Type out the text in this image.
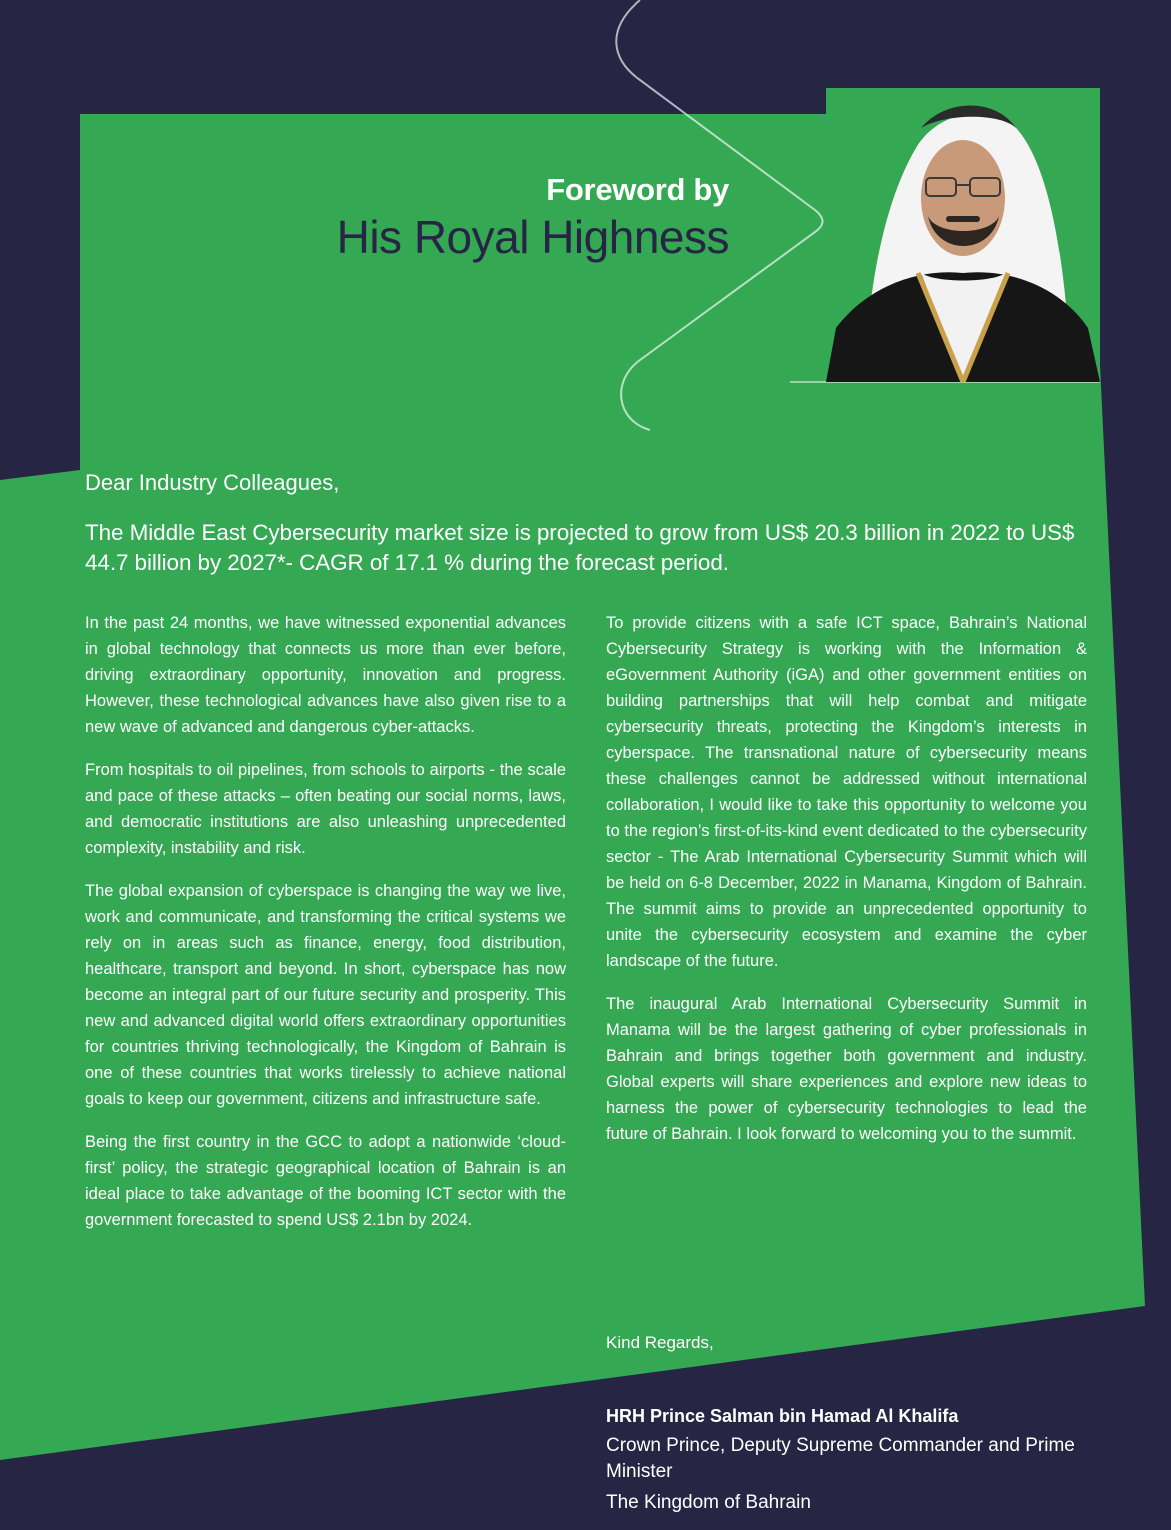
Foreword by
His Royal Highness
Dear Industry Colleagues,
The Middle East Cybersecurity market size is projected to grow from US$ 20.3 billion in 2022 to US$ 44.7 billion by 2027*- CAGR of 17.1 % during the forecast period.

In the past 24 months, we have witnessed exponential advances in global technology that connects us more than ever before, driving extraordinary opportunity, innovation and progress. However, these technological advances have also given rise to a new wave of advanced and dangerous cyber-attacks.

From hospitals to oil pipelines, from schools to airports - the scale and pace of these attacks – often beating our social norms, laws, and democratic institutions are also unleashing unprecedented complexity, instability and risk.

The global expansion of cyberspace is changing the way we live, work and communicate, and transforming the critical systems we rely on in areas such as finance, energy, food distribution, healthcare, transport and beyond. In short, cyberspace has now become an integral part of our future security and prosperity. This new and advanced digital world offers extraordinary opportunities for countries thriving technologically, the Kingdom of Bahrain is one of these countries that works tirelessly to achieve national goals to keep our government, citizens and infrastructure safe.

Being the first country in the GCC to adopt a nationwide ‘cloud-first’ policy, the strategic geographical location of Bahrain is an ideal place to take advantage of the booming ICT sector with the government forecasted to spend US$ 2.1bn by 2024.

To provide citizens with a safe ICT space, Bahrain’s National Cybersecurity Strategy is working with the Information & eGovernment Authority (iGA) and other government entities on building partnerships that will help combat and mitigate cybersecurity threats, protecting the Kingdom’s interests in cyberspace. The transnational nature of cybersecurity means these challenges cannot be addressed without international collaboration, I would like to take this opportunity to welcome you to the region’s first-of-its-kind event dedicated to the cybersecurity sector - The Arab International Cybersecurity Summit which will be held on 6-8 December, 2022 in Manama, Kingdom of Bahrain. The summit aims to provide an unprecedented opportunity to unite the cybersecurity ecosystem and examine the cyber landscape of the future.

The inaugural Arab International Cybersecurity Summit in Manama will be the largest gathering of cyber professionals in Bahrain and brings together both government and industry. Global experts will share experiences and explore new ideas to harness the power of cybersecurity technologies to lead the future of Bahrain. I look forward to welcoming you to the summit.

Kind Regards,
HRH Prince Salman bin Hamad Al Khalifa
Crown Prince, Deputy Supreme Commander and Prime Minister
The Kingdom of Bahrain
